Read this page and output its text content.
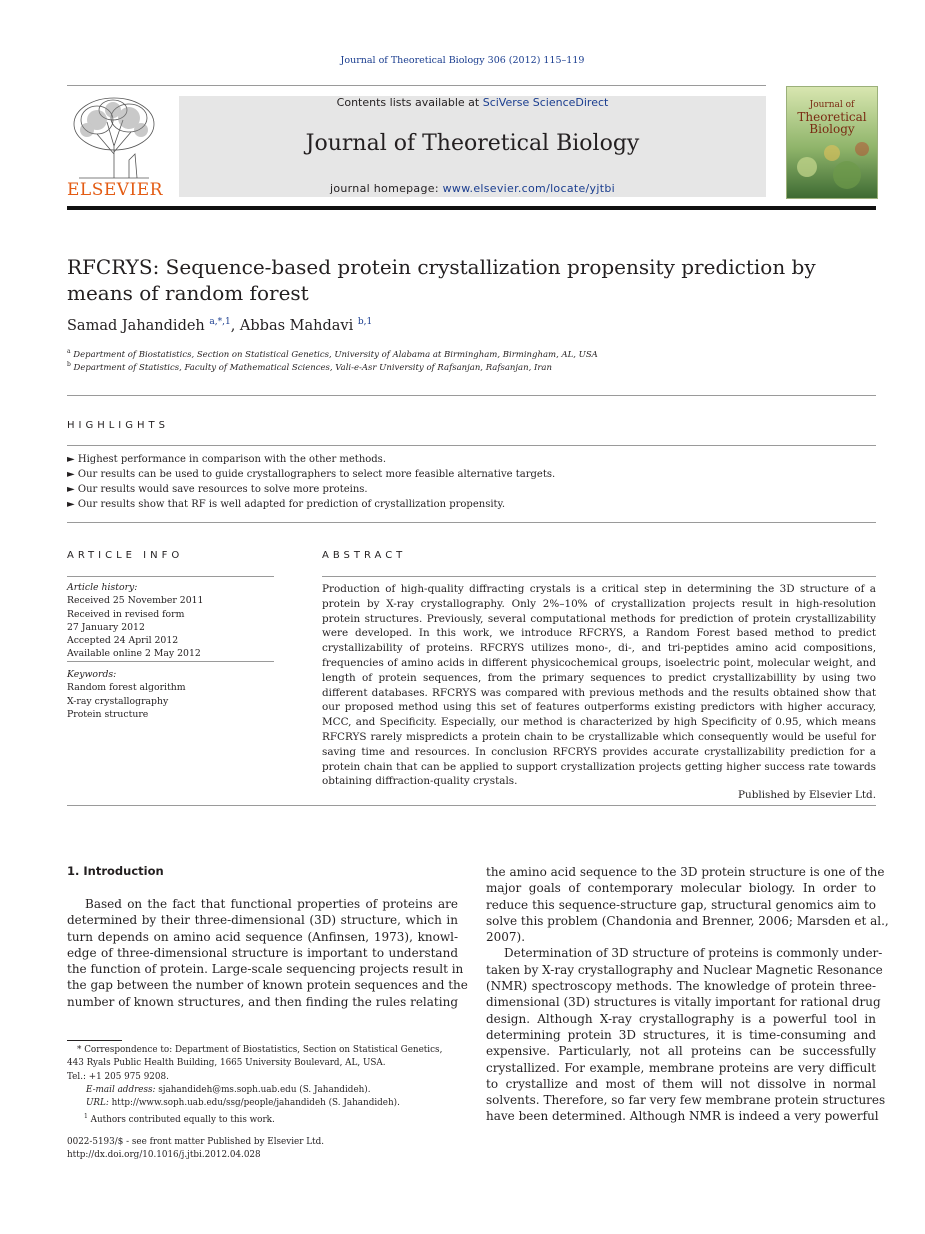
Journal of Theoretical Biology 306 (2012) 115–119
ELSEVIER
Contents lists available at SciVerse ScienceDirect
Journal of Theoretical Biology
journal homepage: www.elsevier.com/locate/yjtbi
Journal of
Theoretical
Biology
RFCRYS: Sequence-based protein crystallization propensity prediction by
means of random forest
Samad Jahandideh $^{a,*,1}$, Abbas Mahdavi $^{b,1}$
$^a$ Department of Biostatistics, Section on Statistical Genetics, University of Alabama at Birmingham, Birmingham, AL, USA
$^b$ Department of Statistics, Faculty of Mathematical Sciences, Vali-e-Asr University of Rafsanjan, Rafsanjan, Iran
HIGHLIGHTS
► Highest performance in comparison with the other methods.
► Our results can be used to guide crystallographers to select more feasible alternative targets.
► Our results would save resources to solve more proteins.
► Our results show that RF is well adapted for prediction of crystallization propensity.
ARTICLE INFO
Article history:
Received 25 November 2011
Received in revised form
27 January 2012
Accepted 24 April 2012
Available online 2 May 2012
Keywords:
Random forest algorithm
X-ray crystallography
Protein structure
ABSTRACT
Production of high-quality diffracting crystals is a critical step in determining the 3D structure of a
protein by X-ray crystallography. Only 2%–10% of crystallization projects result in high-resolution
protein structures. Previously, several computational methods for prediction of protein crystallizability
were developed. In this work, we introduce RFCRYS, a Random Forest based method to predict
crystallizability of proteins. RFCRYS utilizes mono-, di-, and tri-peptides amino acid compositions,
frequencies of amino acids in different physicochemical groups, isoelectric point, molecular weight, and
length of protein sequences, from the primary sequences to predict crystallizabillity by using two
different databases. RFCRYS was compared with previous methods and the results obtained show that
our proposed method using this set of features outperforms existing predictors with higher accuracy,
MCC, and Specificity. Especially, our method is characterized by high Specificity of 0.95, which means
RFCRYS rarely mispredicts a protein chain to be crystallizable which consequently would be useful for
saving time and resources. In conclusion RFCRYS provides accurate crystallizability prediction for a
protein chain that can be applied to support crystallization projects getting higher success rate towards
obtaining diffraction-quality crystals.
Published by Elsevier Ltd.
1. Introduction
Based on the fact that functional properties of proteins are
determined by their three-dimensional (3D) structure, which in
turn depends on amino acid sequence (Anfinsen, 1973), knowl-
edge of three-dimensional structure is important to understand
the function of protein. Large-scale sequencing projects result in
the gap between the number of known protein sequences and the
number of known structures, and then finding the rules relating
the amino acid sequence to the 3D protein structure is one of the
major goals of contemporary molecular biology. In order to
reduce this sequence-structure gap, structural genomics aim to
solve this problem (Chandonia and Brenner, 2006; Marsden et al.,
2007).
Determination of 3D structure of proteins is commonly under-
taken by X-ray crystallography and Nuclear Magnetic Resonance
(NMR) spectroscopy methods. The knowledge of protein three-
dimensional (3D) structures is vitally important for rational drug
design. Although X-ray crystallography is a powerful tool in
determining protein 3D structures, it is time-consuming and
expensive. Particularly, not all proteins can be successfully
crystallized. For example, membrane proteins are very difficult
to crystallize and most of them will not dissolve in normal
solvents. Therefore, so far very few membrane protein structures
have been determined. Although NMR is indeed a very powerful
* Correspondence to: Department of Biostatistics, Section on Statistical Genetics,
443 Ryals Public Health Building, 1665 University Boulevard, AL, USA.
Tel.: +1 205 975 9208.
E-mail address: sjahandideh@ms.soph.uab.edu (S. Jahandideh).
URL: http://www.soph.uab.edu/ssg/people/jahandideh (S. Jahandideh).
$^1$ Authors contributed equally to this work.
0022-5193/$ - see front matter Published by Elsevier Ltd.
http://dx.doi.org/10.1016/j.jtbi.2012.04.028
